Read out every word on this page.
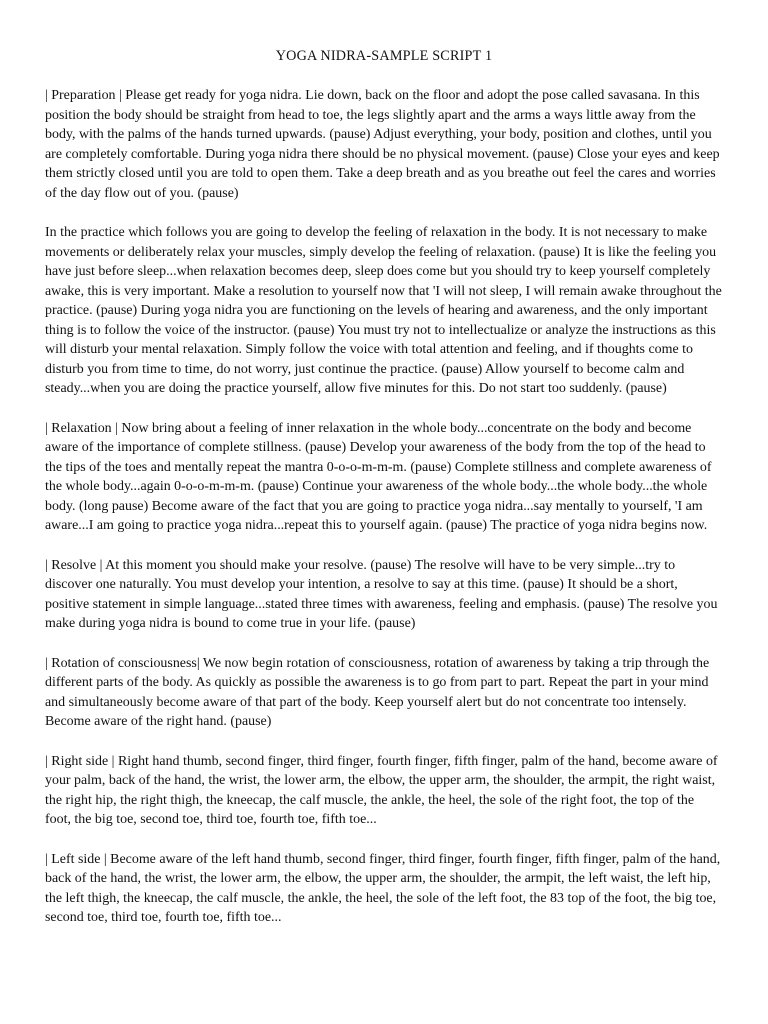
YOGA NIDRA-SAMPLE SCRIPT 1

| Preparation | Please get ready for yoga nidra. Lie down, back on the floor and adopt the pose called savasana. In this position the body should be straight from head to toe, the legs slightly apart and the arms a ways little away from the body, with the palms of the hands turned upwards. (pause) Adjust everything, your body, position and clothes, until you are completely comfortable. During yoga nidra there should be no physical movement. (pause) Close your eyes and keep them strictly closed until you are told to open them. Take a deep breath and as you breathe out feel the cares and worries of the day flow out of you. (pause)

In the practice which follows you are going to develop the feeling of relaxation in the body. It is not necessary to make movements or deliberately relax your muscles, simply develop the feeling of relaxation. (pause) It is like the feeling you have just before sleep...when relaxation becomes deep, sleep does come but you should try to keep yourself completely awake, this is very important. Make a resolution to yourself now that 'I will not sleep, I will remain awake throughout the practice. (pause) During yoga nidra you are functioning on the levels of hearing and awareness, and the only important thing is to follow the voice of the instructor. (pause) You must try not to intellectualize or analyze the instructions as this will disturb your mental relaxation. Simply follow the voice with total attention and feeling, and if thoughts come to disturb you from time to time, do not worry, just continue the practice. (pause) Allow yourself to become calm and steady...when you are doing the practice yourself, allow five minutes for this. Do not start too suddenly. (pause)

| Relaxation | Now bring about a feeling of inner relaxation in the whole body...concentrate on the body and become aware of the importance of complete stillness. (pause) Develop your awareness of the body from the top of the head to the tips of the toes and mentally repeat the mantra 0-o-o-m-m-m. (pause) Complete stillness and complete awareness of the whole body...again 0-o-o-m-m-m. (pause) Continue your awareness of the whole body...the whole body...the whole body. (long pause) Become aware of the fact that you are going to practice yoga nidra...say mentally to yourself, 'I am aware...I am going to practice yoga nidra...repeat this to yourself again. (pause) The practice of yoga nidra begins now.

| Resolve | At this moment you should make your resolve. (pause) The resolve will have to be very simple...try to discover one naturally. You must develop your intention, a resolve to say at this time. (pause) It should be a short, positive statement in simple language...stated three times with awareness, feeling and emphasis. (pause) The resolve you make during yoga nidra is bound to come true in your life. (pause)

| Rotation of consciousness| We now begin rotation of consciousness, rotation of awareness by taking a trip through the different parts of the body. As quickly as possible the awareness is to go from part to part. Repeat the part in your mind and simultaneously become aware of that part of the body. Keep yourself alert but do not concentrate too intensely. Become aware of the right hand. (pause)

| Right side | Right hand thumb, second finger, third finger, fourth finger, fifth finger, palm of the hand, become aware of your palm, back of the hand, the wrist, the lower arm, the elbow, the upper arm, the shoulder, the armpit, the right waist, the right hip, the right thigh, the kneecap, the calf muscle, the ankle, the heel, the sole of the right foot, the top of the foot, the big toe, second toe, third toe, fourth toe, fifth toe...

| Left side | Become aware of the left hand thumb, second finger, third finger, fourth finger, fifth finger, palm of the hand, back of the hand, the wrist, the lower arm, the elbow, the upper arm, the shoulder, the armpit, the left waist, the left hip, the left thigh, the kneecap, the calf muscle, the ankle, the heel, the sole of the left foot, the 83 top of the foot, the big toe, second toe, third toe, fourth toe, fifth toe...
